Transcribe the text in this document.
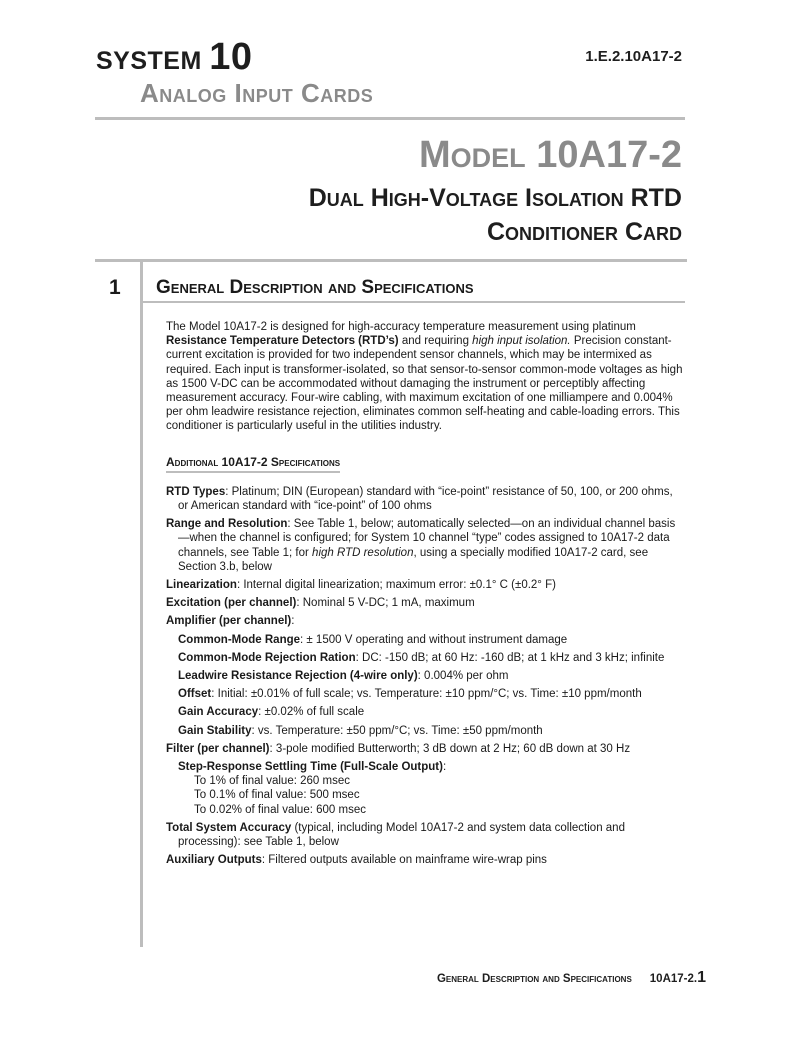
SYSTEM 10
Analog Input Cards
1.E.2.10A17-2
Model 10A17-2
Dual High-Voltage Isolation RTD
Conditioner Card
1 General Description and Specifications

The Model 10A17-2 is designed for high-accuracy temperature measurement using platinum Resistance Temperature Detectors (RTD’s) and requiring high input isolation. Precision constant-current excitation is provided for two independent sensor channels, which may be intermixed as required. Each input is transformer-isolated, so that sensor-to-sensor common-mode voltages as high as 1500 V-DC can be accommodated without damaging the instrument or perceptibly affecting measurement accuracy. Four-wire cabling, with maximum excitation of one milliampere and 0.004% per ohm leadwire resistance rejection, eliminates common self-heating and cable-loading errors. This conditioner is particularly useful in the utilities industry.

Additional 10A17-2 Specifications
RTD Types: Platinum; DIN (European) standard with “ice-point” resistance of 50, 100, or 200 ohms, or American standard with “ice-point” of 100 ohms
Range and Resolution: See Table 1, below; automatically selected—on an individual channel basis—when the channel is configured; for System 10 channel “type” codes assigned to 10A17-2 data channels, see Table 1; for high RTD resolution, using a specially modified 10A17-2 card, see Section 3.b, below
Linearization: Internal digital linearization; maximum error: ±0.1° C (±0.2° F)
Excitation (per channel): Nominal 5 V-DC; 1 mA, maximum
Amplifier (per channel):
Common-Mode Range: ± 1500 V operating and without instrument damage
Common-Mode Rejection Ration: DC: -150 dB; at 60 Hz: -160 dB; at 1 kHz and 3 kHz; infinite
Leadwire Resistance Rejection (4-wire only): 0.004% per ohm
Offset: Initial: ±0.01% of full scale; vs. Temperature: ±10 ppm/°C; vs. Time: ±10 ppm/month
Gain Accuracy: ±0.02% of full scale
Gain Stability: vs. Temperature: ±50 ppm/°C; vs. Time: ±50 ppm/month
Filter (per channel): 3-pole modified Butterworth; 3 dB down at 2 Hz; 60 dB down at 30 Hz
Step-Response Settling Time (Full-Scale Output):
To 1% of final value: 260 msec
To 0.1% of final value: 500 msec
To 0.02% of final value: 600 msec
Total System Accuracy (typical, including Model 10A17-2 and system data collection and processing): see Table 1, below
Auxiliary Outputs: Filtered outputs available on mainframe wire-wrap pins
General Description and Specifications 10A17-2.1
